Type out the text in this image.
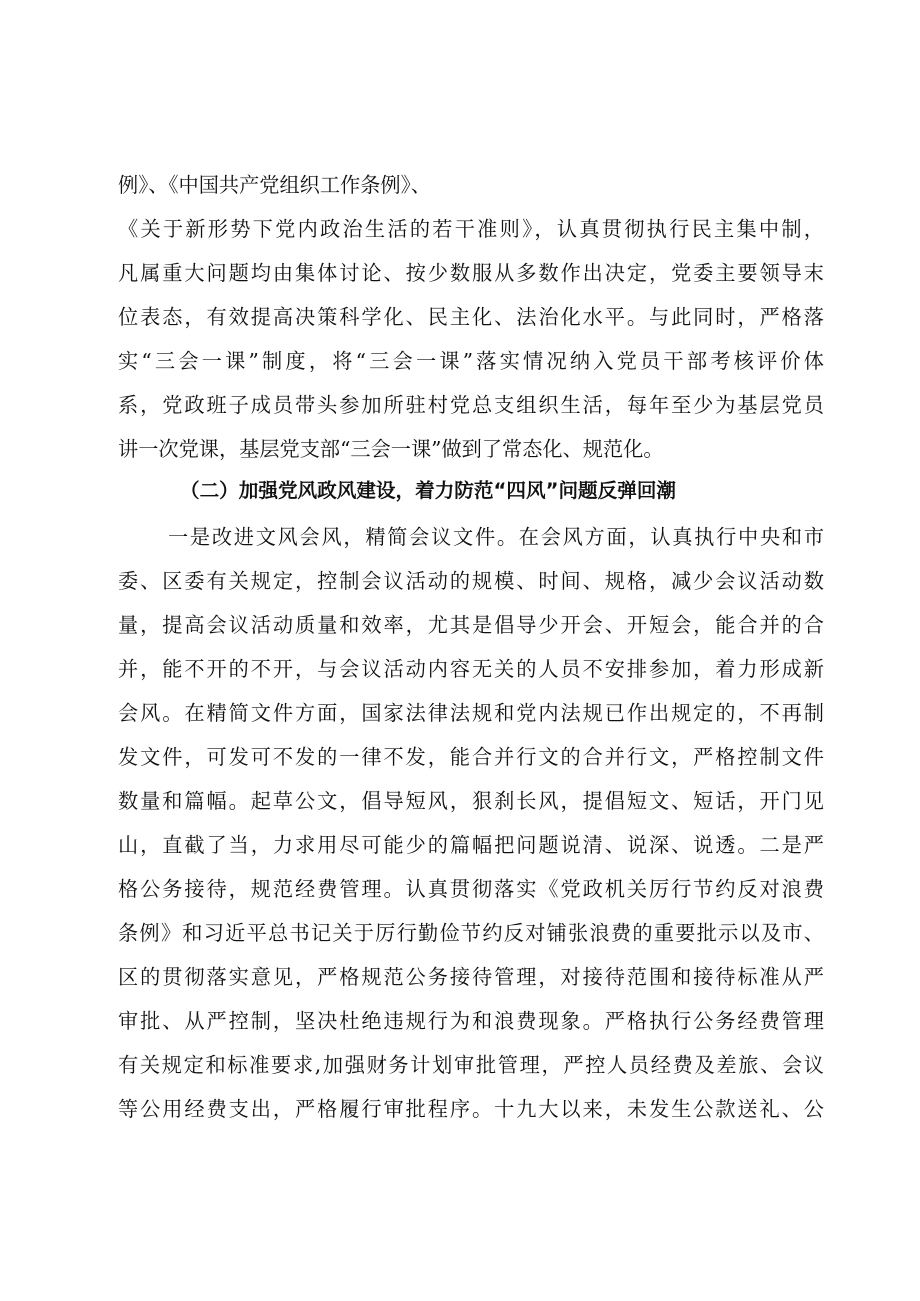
例》、《中国共产党组织工作条例》、
《关于新形势下党内政治生活的若干准则》，认真贯彻执行民主集中制，
凡属重大问题均由集体讨论、按少数服从多数作出决定，党委主要领导末
位表态，有效提高决策科学化、民主化、法治化水平。与此同时，严格落
实“三会一课”制度，将“三会一课”落实情况纳入党员干部考核评价体
系，党政班子成员带头参加所驻村党总支组织生活，每年至少为基层党员
讲一次党课，基层党支部“三会一课”做到了常态化、规范化。
（二）加强党风政风建设，着力防范“四风”问题反弹回潮
一是改进文风会风，精简会议文件。在会风方面，认真执行中央和市
委、区委有关规定，控制会议活动的规模、时间、规格，减少会议活动数
量，提高会议活动质量和效率，尤其是倡导少开会、开短会，能合并的合
并，能不开的不开，与会议活动内容无关的人员不安排参加，着力形成新
会风。在精简文件方面，国家法律法规和党内法规已作出规定的，不再制
发文件，可发可不发的一律不发，能合并行文的合并行文，严格控制文件
数量和篇幅。起草公文，倡导短风，狠刹长风，提倡短文、短话，开门见
山，直截了当，力求用尽可能少的篇幅把问题说清、说深、说透。二是严
格公务接待，规范经费管理。认真贯彻落实《党政机关厉行节约反对浪费
条例》和习近平总书记关于厉行勤俭节约反对铺张浪费的重要批示以及市、
区的贯彻落实意见，严格规范公务接待管理，对接待范围和接待标准从严
审批、从严控制，坚决杜绝违规行为和浪费现象。严格执行公务经费管理
有关规定和标准要求,加强财务计划审批管理，严控人员经费及差旅、会议
等公用经费支出，严格履行审批程序。十九大以来，未发生公款送礼、公
